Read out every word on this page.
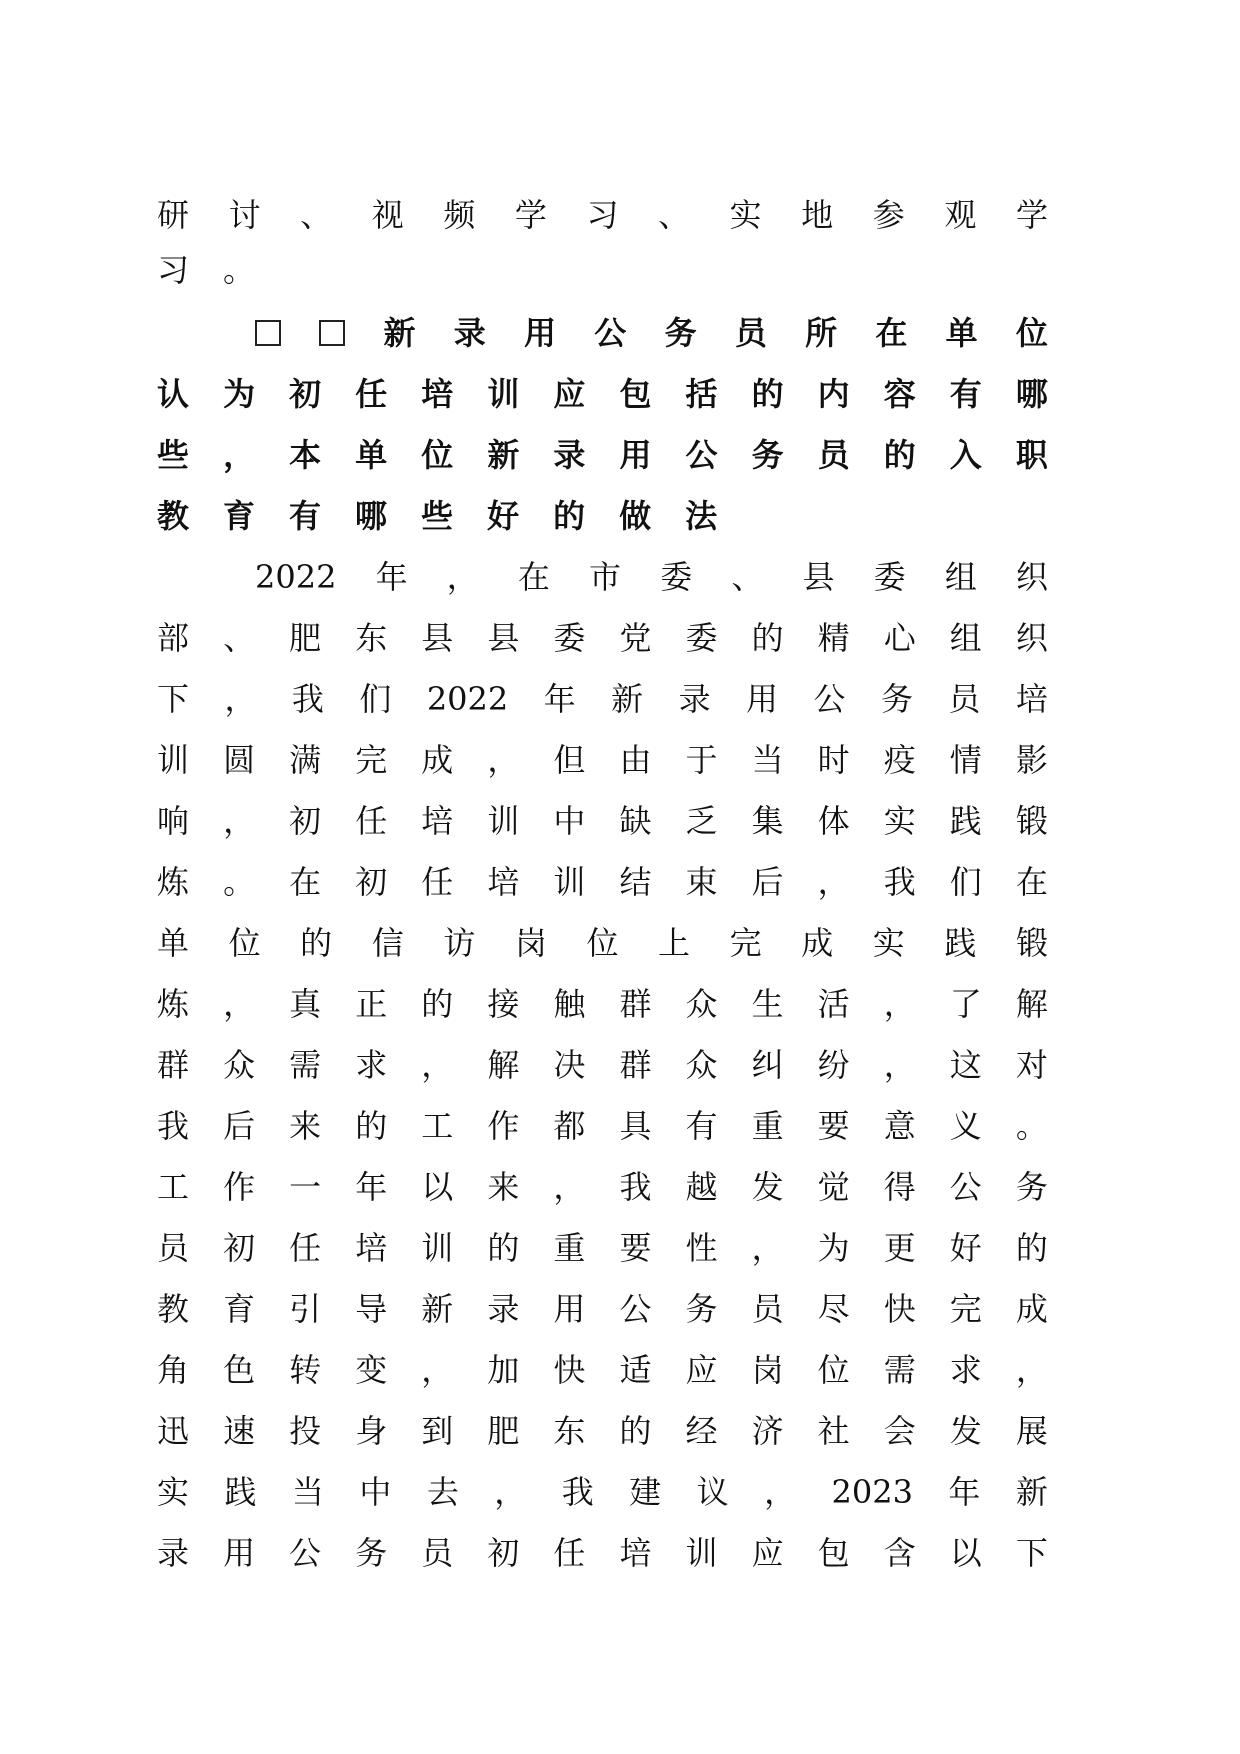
研 讨 、 视 频 学 习 、 实 地 参 观 学
习 。
新 录 用 公 务 员 所 在 单 位
认 为 初 任 培 训 应 包 括 的 内 容 有 哪
些 ， 本 单 位 新 录 用 公 务 员 的 入 职
教 育 有 哪 些 好 的 做 法
2022 年 ， 在 市 委 、 县 委 组 织
部 、 肥 东 县 县 委 党 委 的 精 心 组 织
下 ， 我 们 2022 年 新 录 用 公 务 员 培
训 圆 满 完 成 ， 但 由 于 当 时 疫 情 影
响 ， 初 任 培 训 中 缺 乏 集 体 实 践 锻
炼 。 在 初 任 培 训 结 束 后 ， 我 们 在
单 位 的 信 访 岗 位 上 完 成 实 践 锻
炼 ， 真 正 的 接 触 群 众 生 活 ， 了 解
群 众 需 求 ， 解 决 群 众 纠 纷 ， 这 对
我 后 来 的 工 作 都 具 有 重 要 意 义 。
工 作 一 年 以 来 ， 我 越 发 觉 得 公 务
员 初 任 培 训 的 重 要 性 ， 为 更 好 的
教 育 引 导 新 录 用 公 务 员 尽 快 完 成
角 色 转 变 ， 加 快 适 应 岗 位 需 求 ，
迅 速 投 身 到 肥 东 的 经 济 社 会 发 展
实 践 当 中 去 ， 我 建 议 ， 2023 年 新
录 用 公 务 员 初 任 培 训 应 包 含 以 下
